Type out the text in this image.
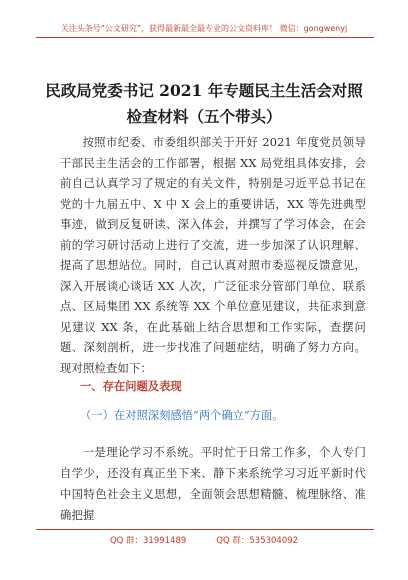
关注头条号“公文研究”，获得最新最全最专业的公文资料库！ 微信：gongwenyj
民政局党委书记 2021 年专题民主生活会对照
检查材料（五个带头）

按照市纪委、市委组织部关于开好 2021 年度党员领导干部民主生活会的工作部署，根据 XX 局党组具体安排，会前自己认真学习了规定的有关文件，特别是习近平总书记在党的十九届五中、X 中 X 会上的重要讲话，XX 等先进典型事迹，做到反复研读、深入体会，并撰写了学习体会，在会前的学习研讨活动上进行了交流，进一步加深了认识理解、提高了思想站位。同时，自己认真对照市委巡视反馈意见，深入开展谈心谈话 XX 人次，广泛征求分管部门单位、联系点、区局集团 XX 系统等 XX 个单位意见建议，共征求到意见建议 XX 条，在此基础上结合思想和工作实际，查摆问题、深刻剖析，进一步找准了问题症结，明确了努力方向。现对照检查如下：

一、存在问题及表现
（一）在对照深刻感悟“两个确立”方面。

一是理论学习不系统。平时忙于日常工作多，个人专门自学少，还没有真正坐下来、静下来系统学习习近平新时代中国特色社会主义思想，全面领会思想精髓、梳理脉络、准确把握

QQ 群：31991489	QQ 群：535304092
